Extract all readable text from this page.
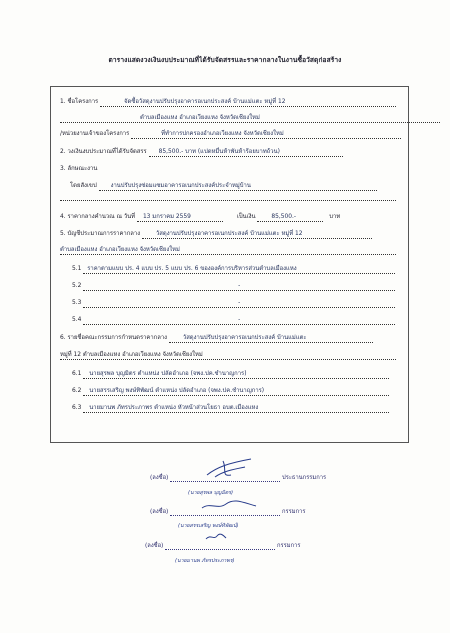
ตารางแสดงวงเงินงบประมาณที่ได้รับจัดสรรและราคากลางในงานซื้อวัสดุก่อสร้าง
1. ชื่อโครงการ	จัดซื้อวัสดุงานปรับปรุงอาคารอเนกประสงค์ บ้านแม่แตะ หมู่ที่ 12
ตำบลเมืองแหง อำเภอเวียงแหง จังหวัดเชียงใหม่
/หน่วยงานเจ้าของโครงการ	ที่ทำการปกครองอำเภอเวียงแหง จังหวัดเชียงใหม่
2. วงเงินงบประมาณที่ได้รับจัดสรร 85,500.- บาท (แปดหมื่นห้าพันห้าร้อยบาทถ้วน)
3. ลักษณะงาน
โดยสังเขป งานปรับปรุงซ่อมแซมอาคารอเนกประสงค์ประจำหมู่บ้าน
4. ราคากลางคำนวณ ณ วันที่ 13 มกราคม 2559	เป็นเงิน	85,500.-	บาท
5. บัญชีประมาณการราคากลาง	วัสดุงานปรับปรุงอาคารอเนกประสงค์ บ้านแม่แตะ หมู่ที่ 12
ตำบลเมืองแหง อำเภอเวียงแหง จังหวัดเชียงใหม่
5.1 ราคาตามแบบ ปร. 4 แบบ ปร. 5 แบบ ปร. 6 ขององค์การบริหารส่วนตำบลเมืองแหง
5.2	-
5.3	-
5.4	-
6. รายชื่อคณะกรรมการกำหนดราคากลาง	วัสดุงานปรับปรุงอาคารอเนกประสงค์ บ้านแม่แตะ
หมู่ที่ 12 ตำบลเมืองแหง อำเภอเวียงแหง จังหวัดเชียงใหม่
6.1 นายสุรพล บุญมิตร ตำแหน่ง ปลัดอำเภอ (จพง.ปค.ชำนาญการ)
6.2 นายสรรเสริญ พงษ์ทิพัฒน์ ตำแหน่ง ปลัดอำเภอ (จพง.ปค.ชำนาญการ)
6.3 นายมานพ ภัทรประภาพร ตำแหน่ง หัวหน้าส่วนโยธา อบต.เมืองแหง
(ลงชื่อ)	ประธานกรรมการ
(นายสุรพล บุญมิตร)
(ลงชื่อ)	กรรมการ
(นายสรรเสริญ พงษ์ทิพัฒน์)
(ลงชื่อ)	กรรมการ
(นายมานพ ภัทรประภาพร)
